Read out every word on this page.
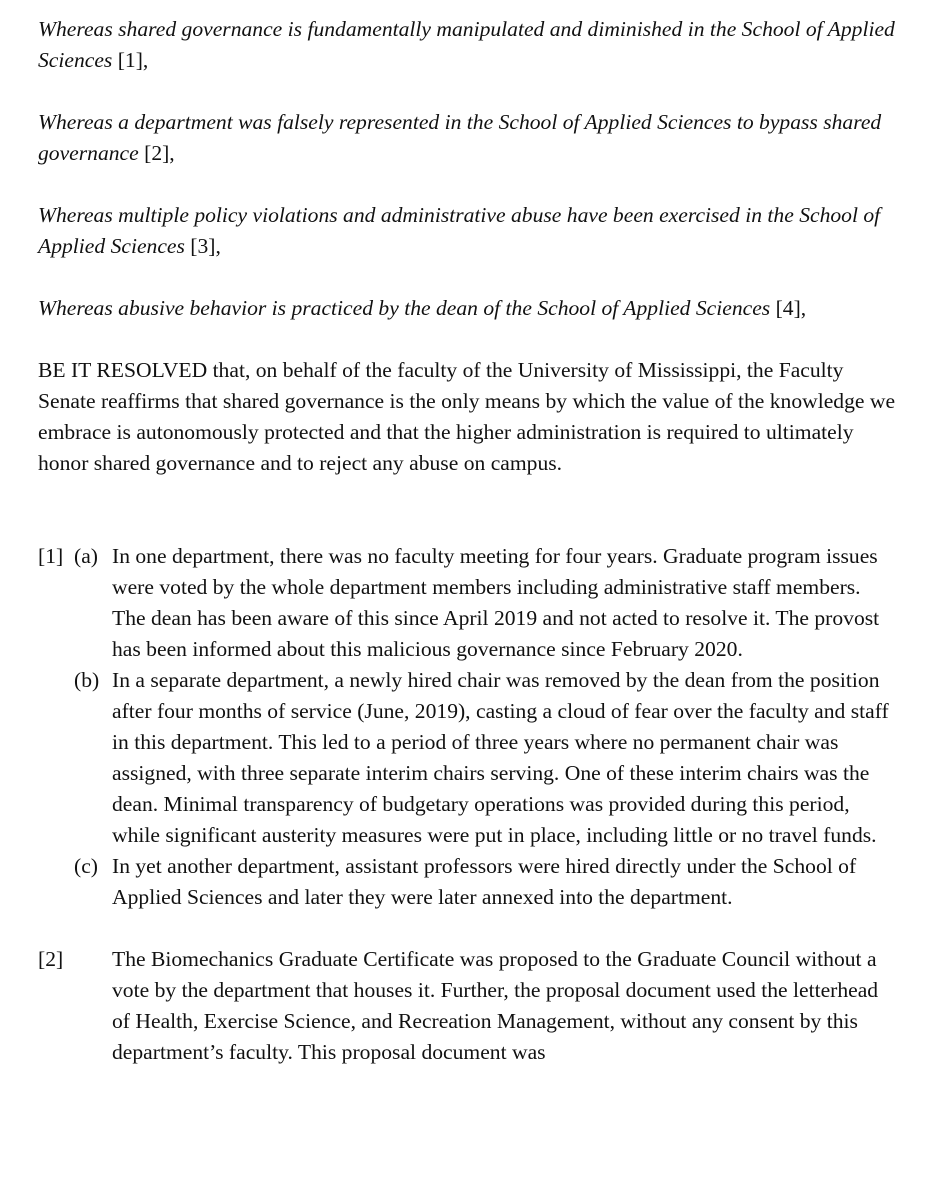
Whereas shared governance is fundamentally manipulated and diminished in the School of Applied Sciences [1],

Whereas a department was falsely represented in the School of Applied Sciences to bypass shared governance [2],

Whereas multiple policy violations and administrative abuse have been exercised in the School of Applied Sciences [3],

Whereas abusive behavior is practiced by the dean of the School of Applied Sciences [4],

BE IT RESOLVED that, on behalf of the faculty of the University of Mississippi, the Faculty Senate reaffirms that shared governance is the only means by which the value of the knowledge we embrace is autonomously protected and that the higher administration is required to ultimately honor shared governance and to reject any abuse on campus.

[1] (a) In one department, there was no faculty meeting for four years. Graduate program issues were voted by the whole department members including administrative staff members. The dean has been aware of this since April 2019 and not acted to resolve it. The provost has been informed about this malicious governance since February 2020.
(b) In a separate department, a newly hired chair was removed by the dean from the position after four months of service (June, 2019), casting a cloud of fear over the faculty and staff in this department. This led to a period of three years where no permanent chair was assigned, with three separate interim chairs serving. One of these interim chairs was the dean. Minimal transparency of budgetary operations was provided during this period, while significant austerity measures were put in place, including little or no travel funds.
(c) In yet another department, assistant professors were hired directly under the School of Applied Sciences and later they were later annexed into the department.
[2] The Biomechanics Graduate Certificate was proposed to the Graduate Council without a vote by the department that houses it. Further, the proposal document used the letterhead of Health, Exercise Science, and Recreation Management, without any consent by this department’s faculty. This proposal document was
